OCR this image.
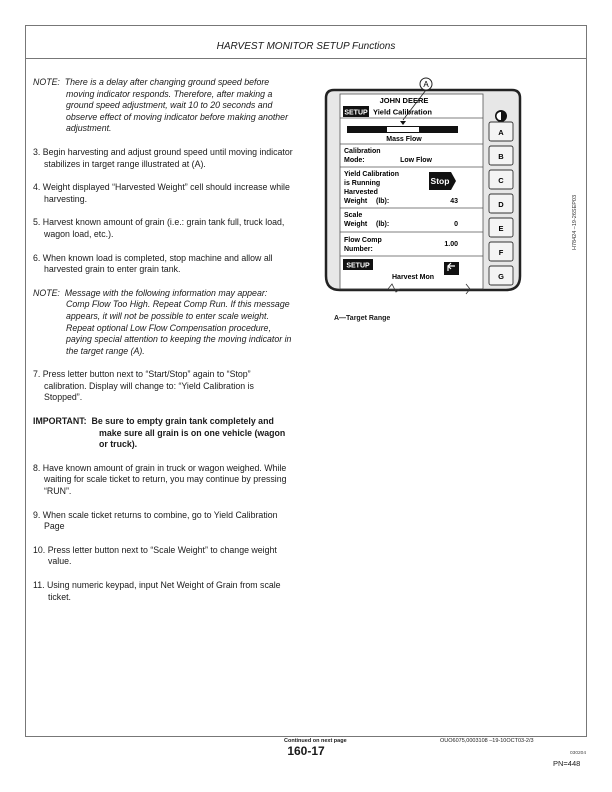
HARVEST MONITOR SETUP Functions

NOTE: There is a delay after changing ground speed before moving indicator responds. Therefore, after making a ground speed adjustment, wait 10 to 20 seconds and observe effect of moving indicator before making another adjustment.

3. Begin harvesting and adjust ground speed until moving indicator stabilizes in target range illustrated at (A).

4. Weight displayed “Harvested Weight” cell should increase while harvesting.

5. Harvest known amount of grain (i.e.: grain tank full, truck load, wagon load, etc.).

6. When known load is completed, stop machine and allow all harvested grain to enter grain tank.

NOTE: Message with the following information may appear: Comp Flow Too High. Repeat Comp Run. If this message appears, it will not be possible to enter scale weight. Repeat optional Low Flow Compensation procedure, paying special attention to keeping the moving indicator in the target range (A).

7. Press letter button next to “Start/Stop” again to “Stop” calibration. Display will change to: “Yield Calibration is Stopped”.

IMPORTANT: Be sure to empty grain tank completely and make sure all grain is on one vehicle (wagon or truck).

8. Have known amount of grain in truck or wagon weighed. While waiting for scale ticket to return, you may continue by pressing “RUN”.

9. When scale ticket returns to combine, go to Yield Calibration Page

10. Press letter button next to “Scale Weight” to change weight value.

11. Using numeric keypad, input Net Weight of Grain from scale ticket.

A
JOHN DEERE
SETUP Yield Calibration
Mass Flow
Calibration
Mode:	Low Flow
Yield Calibration
is Running	Stop
Harvested
Weight (lb):	43
Scale
Weight (lb):	0
Flow Comp
Number:
1.00
SETUP
Harvest Mon
A
B
C
D
E
F
G
H78424 –19‐26SEP03
A—Target Range
Continued on next page	OUO6075,0003108 –19‐10OCT03‐2/3
160-17	030204
PN=448
